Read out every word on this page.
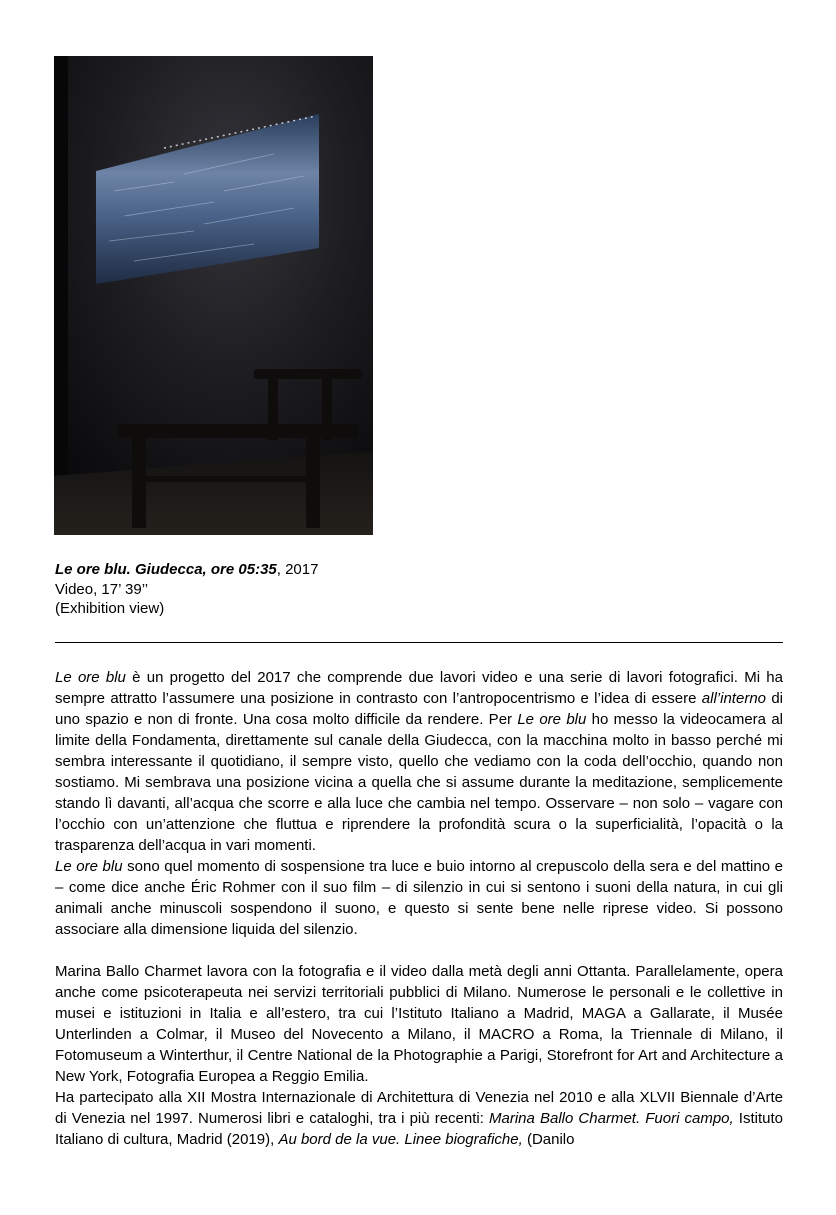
Le ore blu. Giudecca, ore 05:35, 2017
Video, 17’ 39’’
(Exhibition view)

Le ore blu è un progetto del 2017 che comprende due lavori video e una serie di lavori fotografici. Mi ha sempre attratto l’assumere una posizione in contrasto con l’antropocentrismo e l’idea di essere all’interno di uno spazio e non di fronte. Una cosa molto difficile da rendere. Per Le ore blu ho messo la videocamera al limite della Fondamenta, direttamente sul canale della Giudecca, con la macchina molto in basso perché mi sembra interessante il quotidiano, il sempre visto, quello che vediamo con la coda dell’occhio, quando non sostiamo. Mi sembrava una posizione vicina a quella che si assume durante la meditazione, semplicemente stando lì davanti, all’acqua che scorre e alla luce che cambia nel tempo. Osservare – non solo – vagare con l’occhio con un’attenzione che fluttua e riprendere la profondità scura o la superficialità, l’opacità o la trasparenza dell’acqua in vari momenti.

Le ore blu sono quel momento di sospensione tra luce e buio intorno al crepuscolo della sera e del mattino e – come dice anche Éric Rohmer con il suo film – di silenzio in cui si sentono i suoni della natura, in cui gli animali anche minuscoli sospendono il suono, e questo si sente bene nelle riprese video. Si possono associare alla dimensione liquida del silenzio.

Marina Ballo Charmet lavora con la fotografia e il video dalla metà degli anni Ottanta. Parallelamente, opera anche come psicoterapeuta nei servizi territoriali pubblici di Milano. Numerose le personali e le collettive in musei e istituzioni in Italia e all’estero, tra cui l’Istituto Italiano a Madrid, MAGA a Gallarate, il Musée Unterlinden a Colmar, il Museo del Novecento a Milano, il MACRO a Roma, la Triennale di Milano, il Fotomuseum a Winterthur, il Centre National de la Photographie a Parigi, Storefront for Art and Architecture a New York, Fotografia Europea a Reggio Emilia.

Ha partecipato alla XII Mostra Internazionale di Architettura di Venezia nel 2010 e alla XLVII Biennale d’Arte di Venezia nel 1997. Numerosi libri e cataloghi, tra i più recenti: Marina Ballo Charmet. Fuori campo, Istituto Italiano di cultura, Madrid (2019), Au bord de la vue. Linee biografiche, (Danilo
